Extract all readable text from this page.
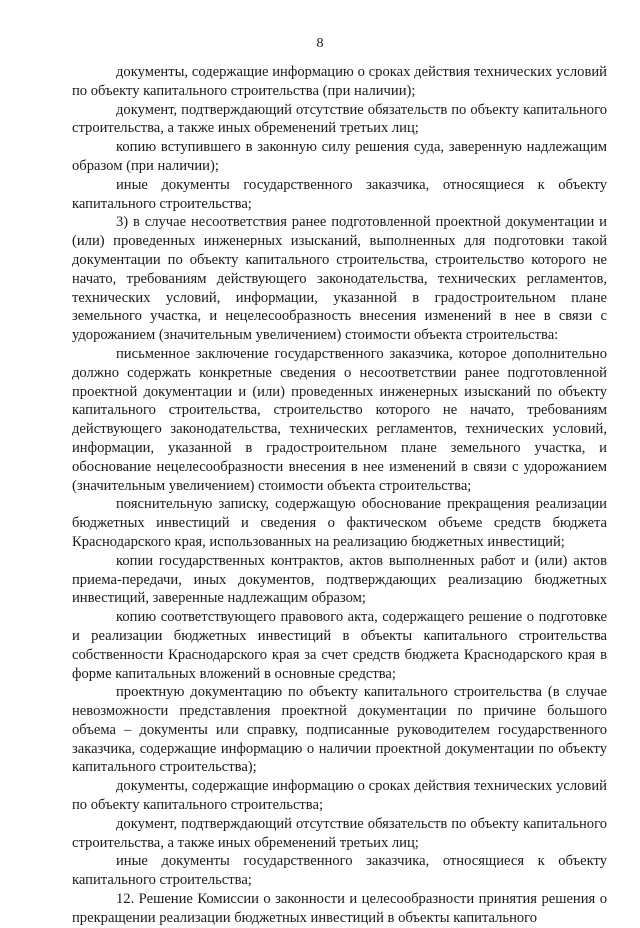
8

документы, содержащие информацию о сроках действия технических условий по объекту капитального строительства (при наличии);

документ, подтверждающий отсутствие обязательств по объекту капитального строительства, а также иных обременений третьих лиц;

копию вступившего в законную силу решения суда, заверенную надлежащим образом (при наличии);

иные документы государственного заказчика, относящиеся к объекту капитального строительства;

3) в случае несоответствия ранее подготовленной проектной документации и (или) проведенных инженерных изысканий, выполненных для подготовки такой документации по объекту капитального строительства, строительство которого не начато, требованиям действующего законодательства, технических регламентов, технических условий, информации, указанной в градостроительном плане земельного участка, и нецелесообразность внесения изменений в нее в связи с удорожанием (значительным увеличением) стоимости объекта строительства:

письменное заключение государственного заказчика, которое дополнительно должно содержать конкретные сведения о несоответствии ранее подготовленной проектной документации и (или) проведенных инженерных изысканий по объекту капитального строительства, строительство которого не начато, требованиям действующего законодательства, технических регламентов, технических условий, информации, указанной в градостроительном плане земельного участка, и обоснование нецелесообразности внесения в нее изменений в связи с удорожанием (значительным увеличением) стоимости объекта строительства;

пояснительную записку, содержащую обоснование прекращения реализации бюджетных инвестиций и сведения о фактическом объеме средств бюджета Краснодарского края, использованных на реализацию бюджетных инвестиций;

копии государственных контрактов, актов выполненных работ и (или) актов приема-передачи, иных документов, подтверждающих реализацию бюджетных инвестиций, заверенные надлежащим образом;

копию соответствующего правового акта, содержащего решение о подготовке и реализации бюджетных инвестиций в объекты капитального строительства собственности Краснодарского края за счет средств бюджета Краснодарского края в форме капитальных вложений в основные средства;

проектную документацию по объекту капитального строительства (в случае невозможности представления проектной документации по причине большого объема – документы или справку, подписанные руководителем государственного заказчика, содержащие информацию о наличии проектной документации по объекту капитального строительства);

документы, содержащие информацию о сроках действия технических условий по объекту капитального строительства;

документ, подтверждающий отсутствие обязательств по объекту капитального строительства, а также иных обременений третьих лиц;

иные документы государственного заказчика, относящиеся к объекту капитального строительства;

12. Решение Комиссии о законности и целесообразности принятия решения о прекращении реализации бюджетных инвестиций в объекты капитального
